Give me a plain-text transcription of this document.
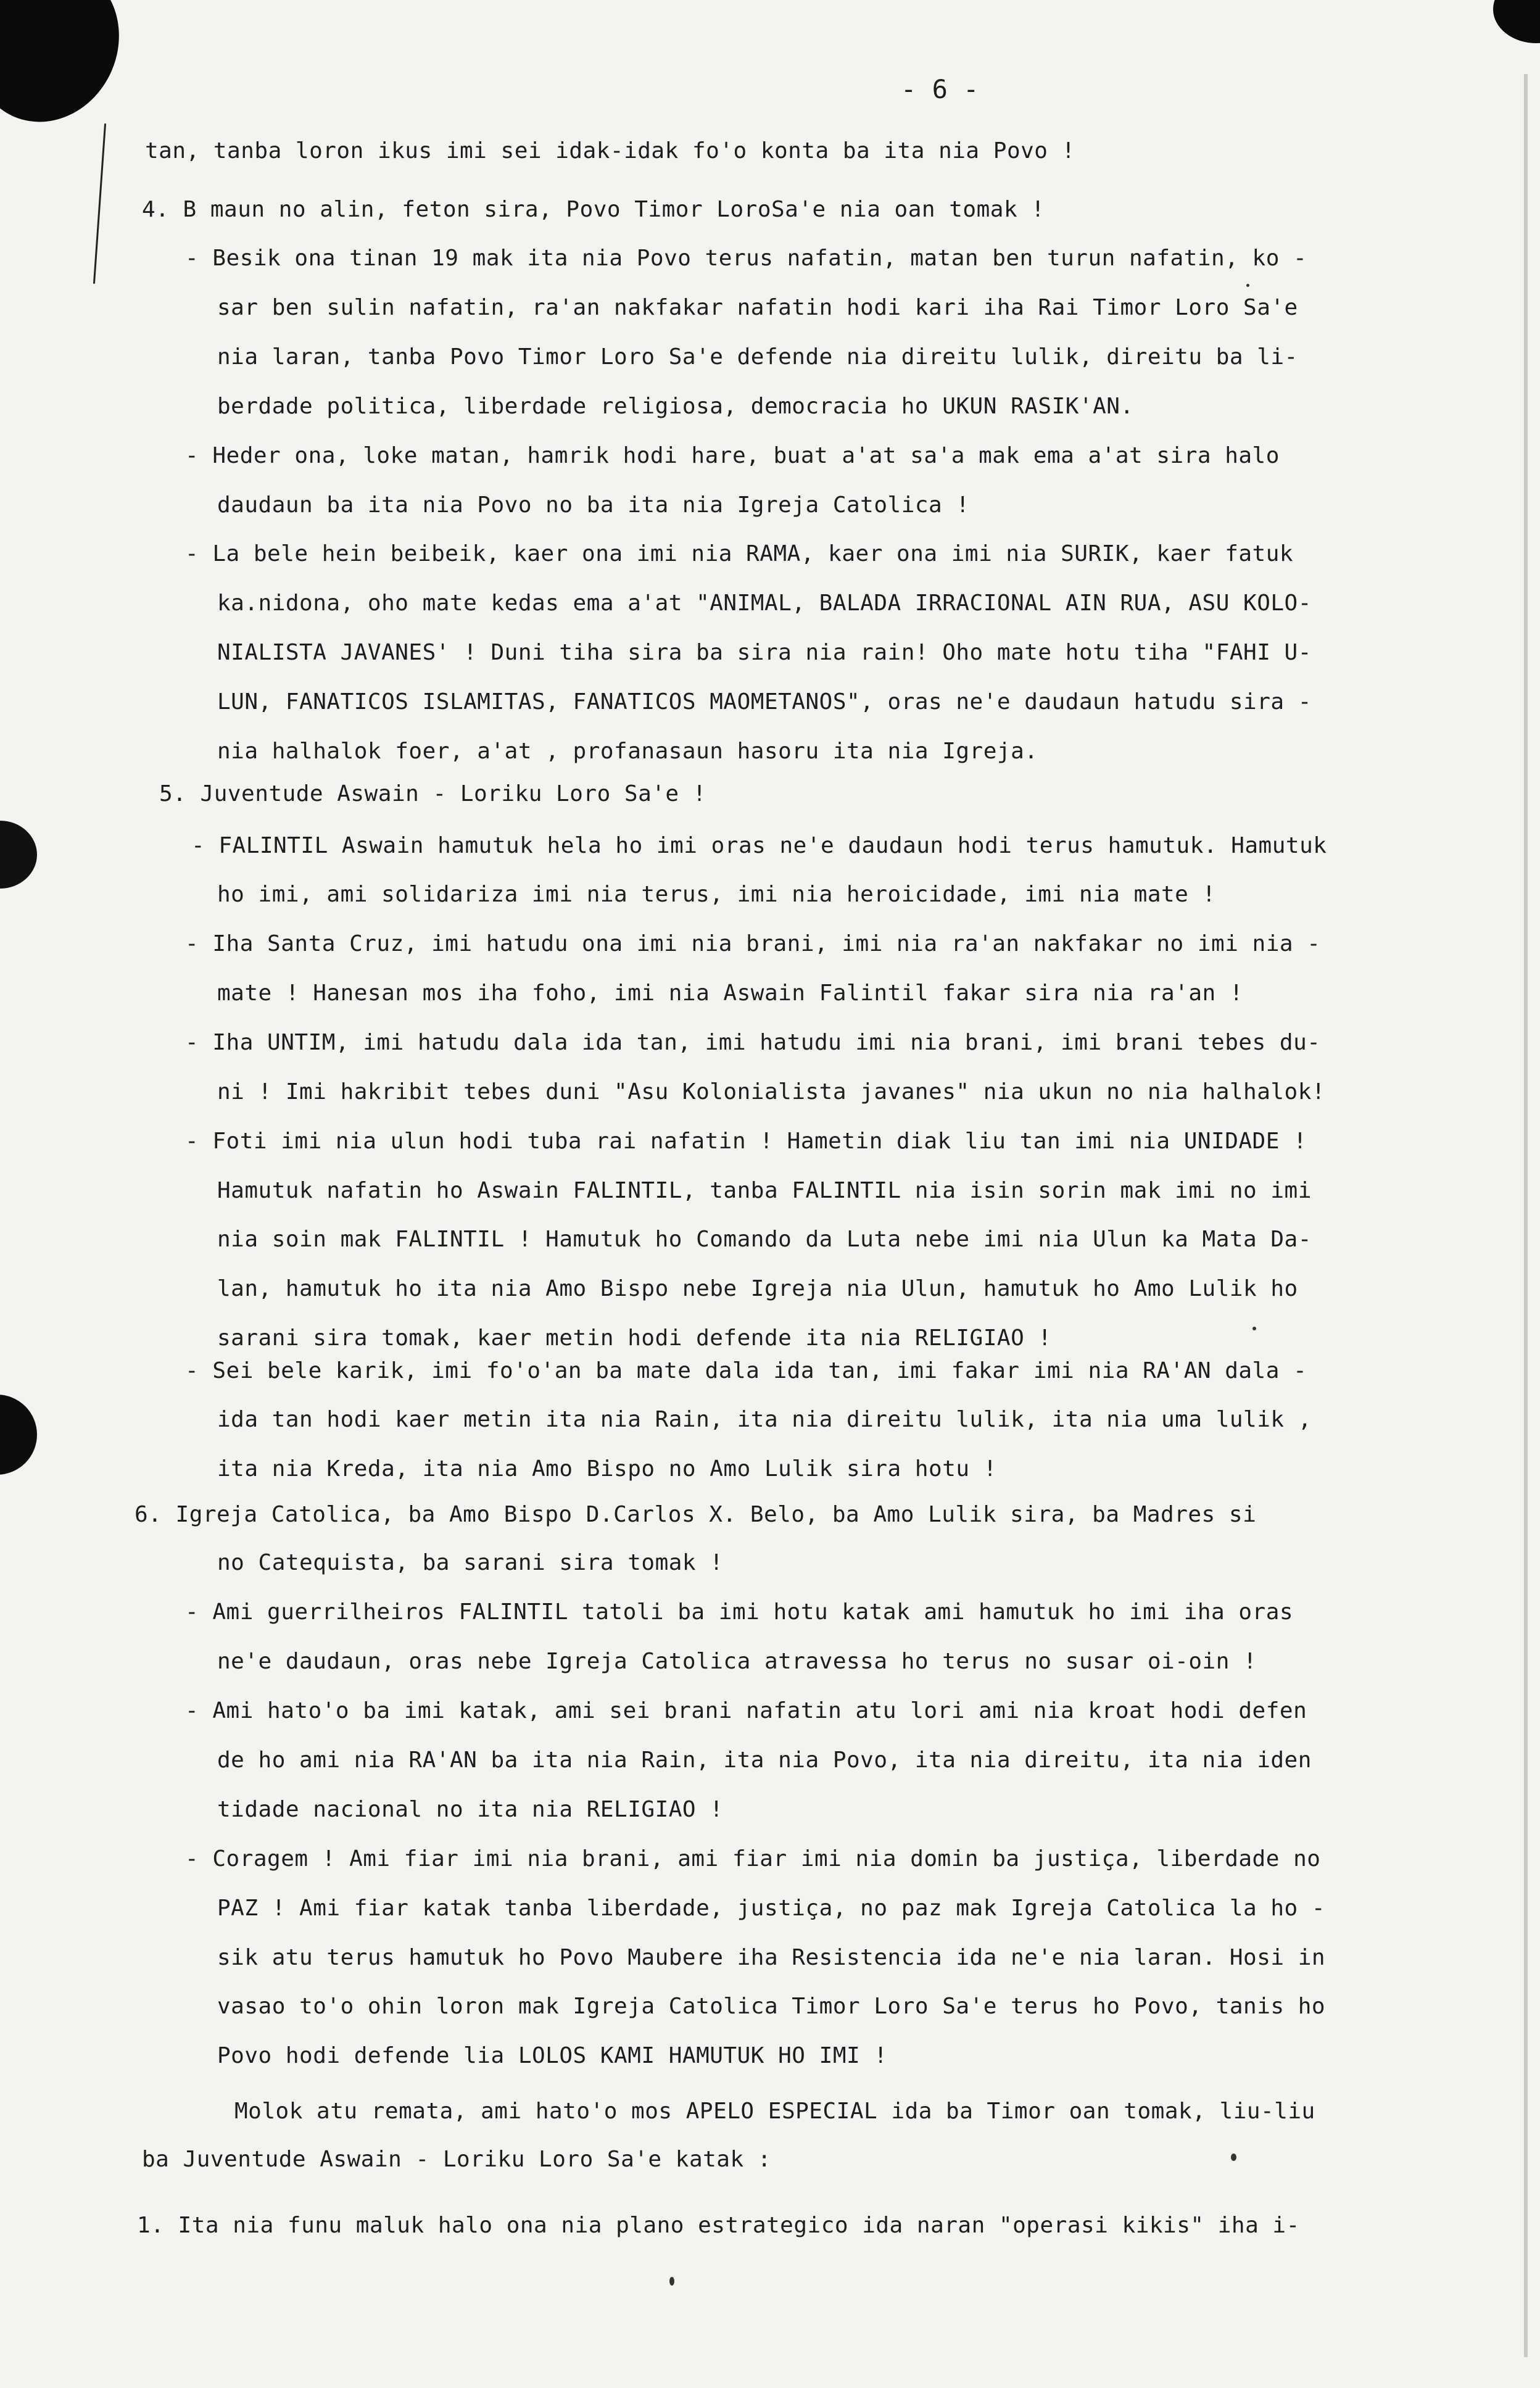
- 6 -
tan, tanba loron ikus imi sei idak-idak fo'o konta ba ita nia Povo !
4. B maun no alin, feton sira, Povo Timor LoroSa'e nia oan tomak !
- Besik ona tinan 19 mak ita nia Povo terus nafatin, matan ben turun nafatin, ko -
sar ben sulin nafatin, ra'an nakfakar nafatin hodi kari iha Rai Timor Loro Sa'e
nia laran, tanba Povo Timor Loro Sa'e defende nia direitu lulik, direitu ba li-
berdade politica, liberdade religiosa, democracia ho UKUN RASIK'AN.
- Heder ona, loke matan, hamrik hodi hare, buat a'at sa'a mak ema a'at sira halo
daudaun ba ita nia Povo no ba ita nia Igreja Catolica !
- La bele hein beibeik, kaer ona imi nia RAMA, kaer ona imi nia SURIK, kaer fatuk
ka.nidona, oho mate kedas ema a'at "ANIMAL, BALADA IRRACIONAL AIN RUA, ASU KOLO-
NIALISTA JAVANES' ! Duni tiha sira ba sira nia rain! Oho mate hotu tiha "FAHI U-
LUN, FANATICOS ISLAMITAS, FANATICOS MAOMETANOS", oras ne'e daudaun hatudu sira -
nia halhalok foer, a'at , profanasaun hasoru ita nia Igreja.
5. Juventude Aswain - Loriku Loro Sa'e !
- FALINTIL Aswain hamutuk hela ho imi oras ne'e daudaun hodi terus hamutuk. Hamutuk
ho imi, ami solidariza imi nia terus, imi nia heroicidade, imi nia mate !
- Iha Santa Cruz, imi hatudu ona imi nia brani, imi nia ra'an nakfakar no imi nia -
mate ! Hanesan mos iha foho, imi nia Aswain Falintil fakar sira nia ra'an !
- Iha UNTIM, imi hatudu dala ida tan, imi hatudu imi nia brani, imi brani tebes du-
ni ! Imi hakribit tebes duni "Asu Kolonialista javanes" nia ukun no nia halhalok!
- Foti imi nia ulun hodi tuba rai nafatin ! Hametin diak liu tan imi nia UNIDADE !
Hamutuk nafatin ho Aswain FALINTIL, tanba FALINTIL nia isin sorin mak imi no imi
nia soin mak FALINTIL ! Hamutuk ho Comando da Luta nebe imi nia Ulun ka Mata Da-
lan, hamutuk ho ita nia Amo Bispo nebe Igreja nia Ulun, hamutuk ho Amo Lulik ho
sarani sira tomak, kaer metin hodi defende ita nia RELIGIAO !
- Sei bele karik, imi fo'o'an ba mate dala ida tan, imi fakar imi nia RA'AN dala -
ida tan hodi kaer metin ita nia Rain, ita nia direitu lulik, ita nia uma lulik ,
ita nia Kreda, ita nia Amo Bispo no Amo Lulik sira hotu !
6. Igreja Catolica, ba Amo Bispo D.Carlos X. Belo, ba Amo Lulik sira, ba Madres si
no Catequista, ba sarani sira tomak !
- Ami guerrilheiros FALINTIL tatoli ba imi hotu katak ami hamutuk ho imi iha oras
ne'e daudaun, oras nebe Igreja Catolica atravessa ho terus no susar oi-oin !
- Ami hato'o ba imi katak, ami sei brani nafatin atu lori ami nia kroat hodi defen
de ho ami nia RA'AN ba ita nia Rain, ita nia Povo, ita nia direitu, ita nia iden
tidade nacional no ita nia RELIGIAO !
- Coragem ! Ami fiar imi nia brani, ami fiar imi nia domin ba justiça, liberdade no
PAZ ! Ami fiar katak tanba liberdade, justiça, no paz mak Igreja Catolica la ho -
sik atu terus hamutuk ho Povo Maubere iha Resistencia ida ne'e nia laran. Hosi in
vasao to'o ohin loron mak Igreja Catolica Timor Loro Sa'e terus ho Povo, tanis ho
Povo hodi defende lia LOLOS KAMI HAMUTUK HO IMI !
Molok atu remata, ami hato'o mos APELO ESPECIAL ida ba Timor oan tomak, liu-liu
ba Juventude Aswain - Loriku Loro Sa'e katak :
1. Ita nia funu maluk halo ona nia plano estrategico ida naran "operasi kikis" iha i-
